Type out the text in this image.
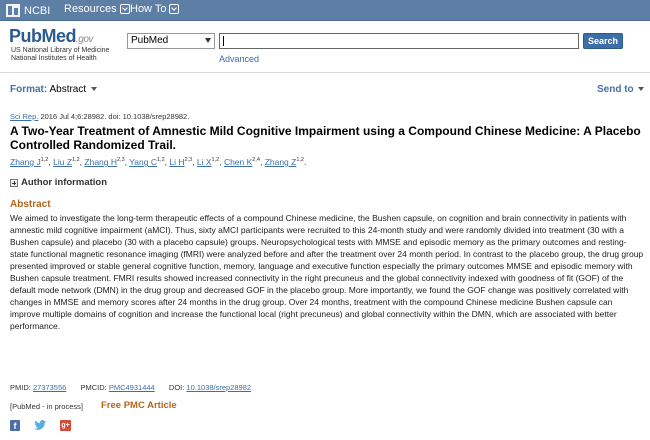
NCBI Resources How To
PubMed.gov
US National Library of Medicine
National Institutes of Health
PubMed	Search
Advanced
Format: Abstract	Send to
Sci Rep. 2016 Jul 4;6:28982. doi: 10.1038/srep28982.
A Two-Year Treatment of Amnestic Mild Cognitive Impairment using a Compound Chinese Medicine: A Placebo Controlled Randomized Trail.
Zhang J$^{1,2}$, Liu Z$^{1,2}$, Zhang H$^{2,3}$, Yang C$^{1,2}$, Li H$^{2,3}$, Li X$^{1,2}$, Chen K$^{2,4}$, Zhang Z$^{1,2}$.
Author information
Abstract
We aimed to investigate the long-term therapeutic effects of a compound Chinese medicine, the Bushen capsule, on cognition and brain connectivity in patients with amnestic mild cognitive impairment (aMCI). Thus, sixty aMCI participants were recruited to this 24-month study and were randomly divided into treatment (30 with a Bushen capsule) and placebo (30 with a placebo capsule) groups. Neuropsychological tests with MMSE and episodic memory as the primary outcomes and resting-state functional magnetic resonance imaging (fMRI) were analyzed before and after the treatment over 24 month period. In contrast to the placebo group, the drug group presented improved or stable general cognitive function, memory, language and executive function especially the primary outcomes MMSE and episodic memory with Bushen capsule treatment. FMRI results showed increased connectivity in the right precuneus and the global connectivity indexed with goodness of fit (GOF) of the default mode network (DMN) in the drug group and decreased GOF in the placebo group. More importantly, we found the GOF change was positively correlated with changes in MMSE and memory scores after 24 months in the drug group. Over 24 months, treatment with the compound Chinese medicine Bushen capsule can improve multiple domains of cognition and increase the functional local (right precuneus) and global connectivity within the DMN, which are associated with better performance.
PMID: 27373556 PMCID: PMC4931444 DOI: 10.1038/srep28982
[PubMed - in process] Free PMC Article
f	g+
